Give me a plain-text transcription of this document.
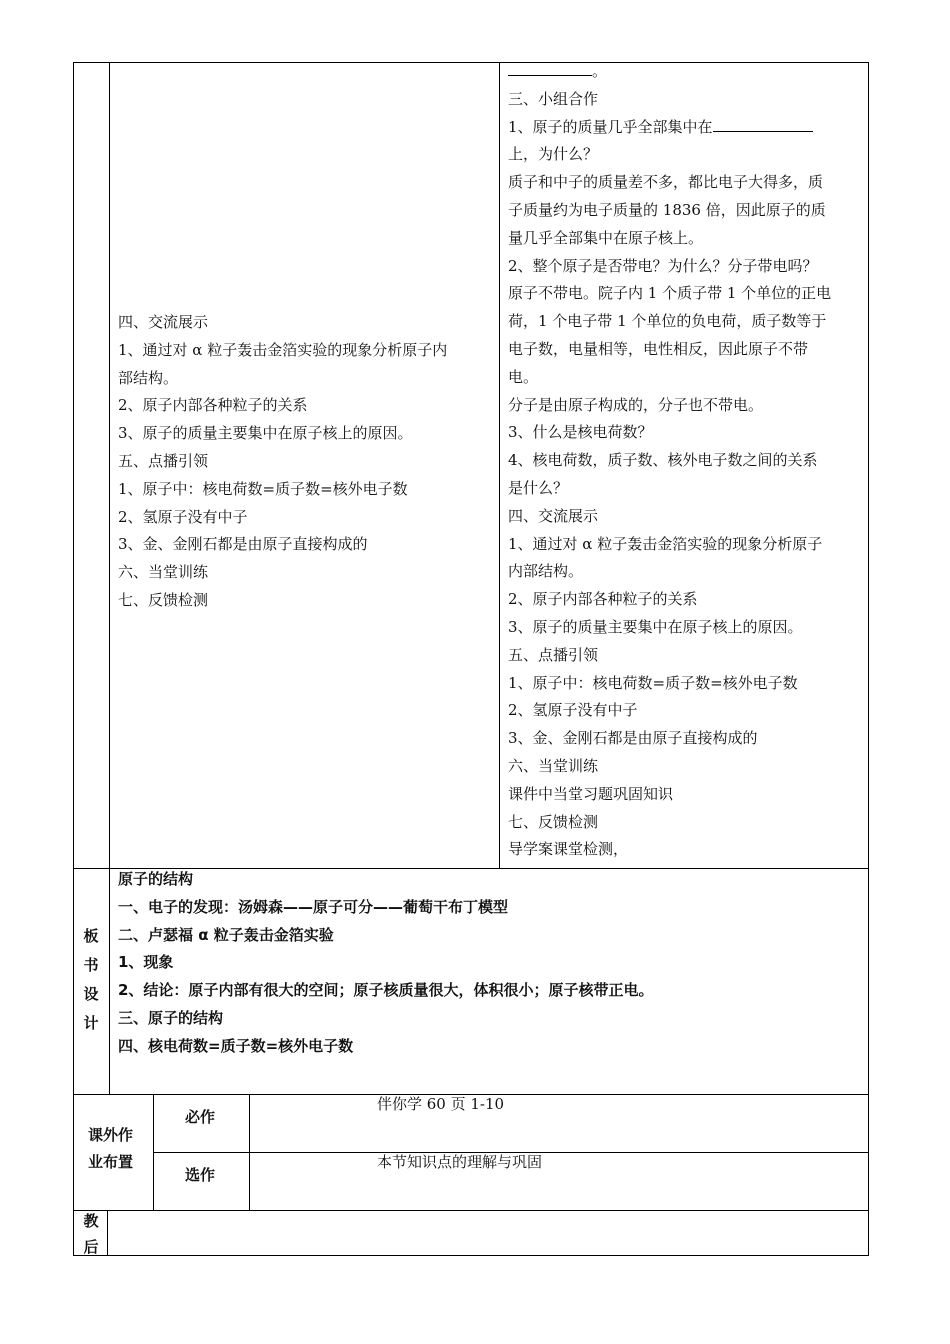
四、交流展示
1、通过对 α 粒子轰击金箔实验的现象分析原子内
部结构。
2、原子内部各种粒子的关系
3、原子的质量主要集中在原子核上的原因。
五、点播引领
1、原子中：核电荷数=质子数=核外电子数
2、氢原子没有中子
3、金、金刚石都是由原子直接构成的
六、当堂训练
七、反馈检测
。
三、小组合作
1、原子的质量几乎全部集中在
上，为什么？
质子和中子的质量差不多，都比电子大得多，质
子质量约为电子质量的 1836 倍，因此原子的质
量几乎全部集中在原子核上。
2、整个原子是否带电？为什么？分子带电吗？
原子不带电。院子内 1 个质子带 1 个单位的正电
荷，1 个电子带 1 个单位的负电荷，质子数等于
电子数，电量相等，电性相反，因此原子不带
电。
分子是由原子构成的，分子也不带电。
3、什么是核电荷数？
4、核电荷数，质子数、核外电子数之间的关系
是什么？
四、交流展示
1、通过对 α 粒子轰击金箔实验的现象分析原子
内部结构。
2、原子内部各种粒子的关系
3、原子的质量主要集中在原子核上的原因。
五、点播引领
1、原子中：核电荷数=质子数=核外电子数
2、氢原子没有中子
3、金、金刚石都是由原子直接构成的
六、当堂训练
课件中当堂习题巩固知识
七、反馈检测
导学案课堂检测，
板
书
设
计
原子的结构
一、电子的发现：汤姆森——原子可分——葡萄干布丁模型
二、卢瑟福 α 粒子轰击金箔实验
1、现象
2、结论：原子内部有很大的空间；原子核质量很大，体积很小；原子核带正电。
三、原子的结构
四、核电荷数=质子数=核外电子数
课外作
业布置
必作
伴你学 60 页 1-10
选作
本节知识点的理解与巩固
教
后
